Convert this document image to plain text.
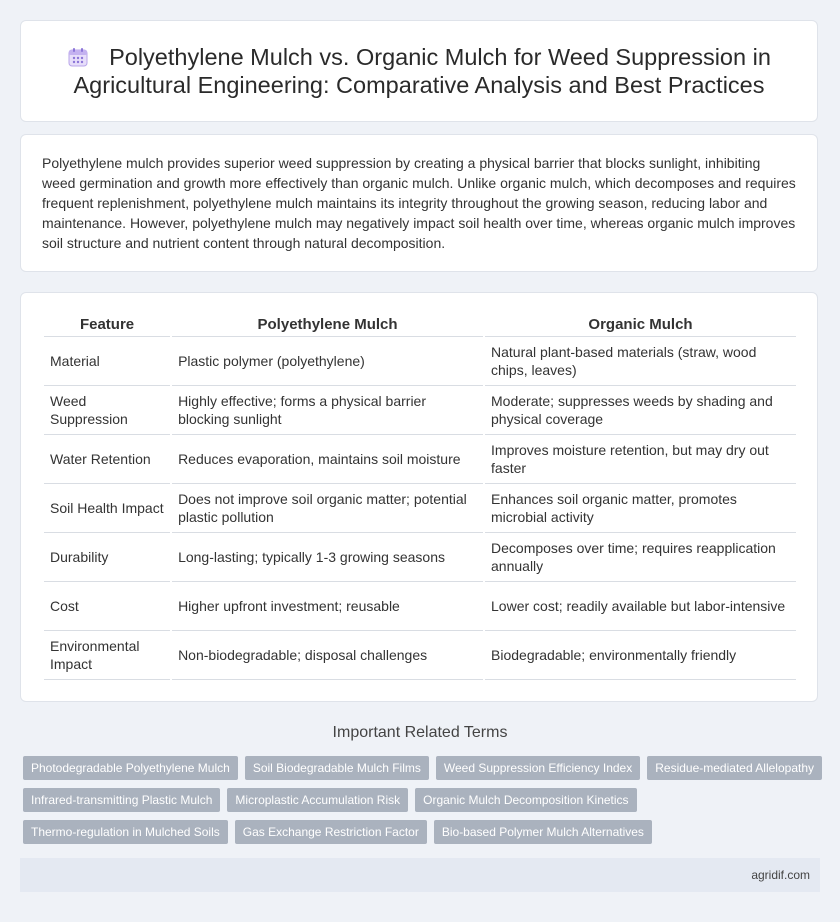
Polyethylene Mulch vs. Organic Mulch for Weed Suppression in Agricultural Engineering: Comparative Analysis and Best Practices

Polyethylene mulch provides superior weed suppression by creating a physical barrier that blocks sunlight, inhibiting weed germination and growth more effectively than organic mulch. Unlike organic mulch, which decomposes and requires frequent replenishment, polyethylene mulch maintains its integrity throughout the growing season, reducing labor and maintenance. However, polyethylene mulch may negatively impact soil health over time, whereas organic mulch improves soil structure and nutrient content through natural decomposition.

Feature	Polyethylene Mulch	Organic Mulch
Material	Plastic polymer (polyethylene)	Natural plant-based materials (straw, wood chips, leaves)
Weed Suppression	Highly effective; forms a physical barrier blocking sunlight	Moderate; suppresses weeds by shading and physical coverage
Water Retention	Reduces evaporation, maintains soil moisture	Improves moisture retention, but may dry out faster
Soil Health Impact	Does not improve soil organic matter; potential plastic pollution	Enhances soil organic matter, promotes microbial activity
Durability	Long-lasting; typically 1-3 growing seasons	Decomposes over time; requires reapplication annually
Cost	Higher upfront investment; reusable	Lower cost; readily available but labor-intensive
Environmental Impact	Non-biodegradable; disposal challenges	Biodegradable; environmentally friendly
Important Related Terms
Photodegradable Polyethylene Mulch	Soil Biodegradable Mulch Films	Weed Suppression Efficiency Index	Residue-mediated Allelopathy
Infrared-transmitting Plastic Mulch	Microplastic Accumulation Risk	Organic Mulch Decomposition Kinetics
Thermo-regulation in Mulched Soils	Gas Exchange Restriction Factor	Bio-based Polymer Mulch Alternatives
agridif.com
